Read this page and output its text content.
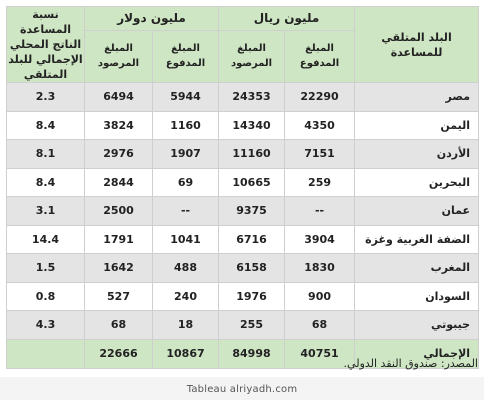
البلد المتلقي للمساعدة	مليون ريال		مليون دولار		نسبة المساعدة الناتج المحلي الإجمالي للبلد المتلقي
	المبلغ المدفوع	المبلغ المرصود	المبلغ المدفوع	المبلغ المرصود	
مصر	22290	24353	5944	6494	2.3
اليمن	4350	14340	1160	3824	8.4
الأردن	7151	11160	1907	2976	8.1
البحرين	259	10665	69	2844	8.4
عمان	--	9375	--	2500	3.1
الضفة الغربية وغزة	3904	6716	1041	1791	14.4
المغرب	1830	6158	488	1642	1.5
السودان	900	1976	240	527	0.8
جيبوتي	68	255	18	68	4.3
الإجمالي	40751	84998	10867	22666	
المصدر: صندوق النقد الدولي.
Tableau alriyadh.com
